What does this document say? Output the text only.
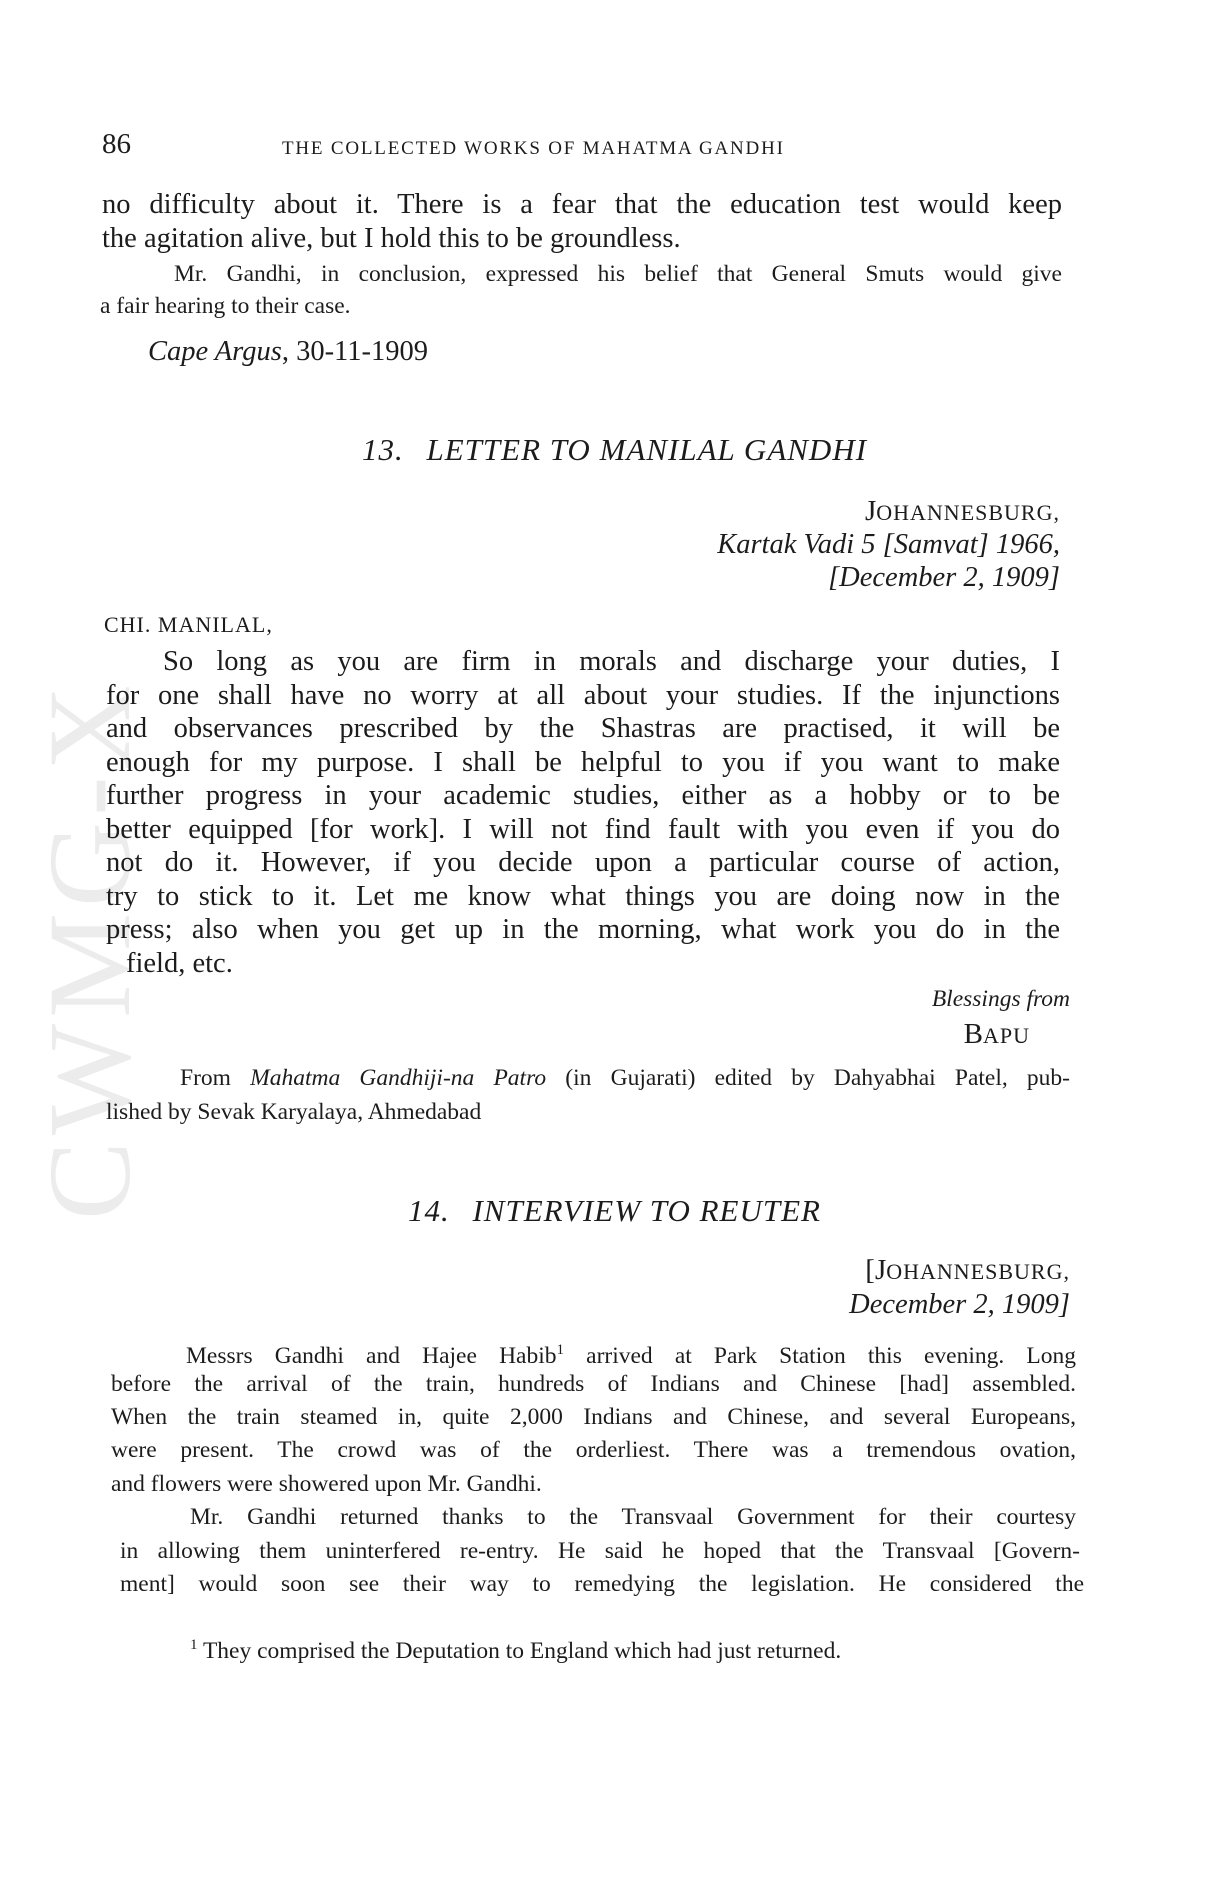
CWMG-X
86	THE COLLECTED WORKS OF MAHATMA GANDHI
no difficulty about it. There is a fear that the education test would keep
the agitation alive, but I hold this to be groundless.
Mr. Gandhi, in conclusion, expressed his belief that General Smuts would give
a fair hearing to their case.
Cape Argus, 30-11-1909
13. LETTER TO MANILAL GANDHI
JOHANNESBURG,
Kartak Vadi 5 [Samvat] 1966,
[December 2, 1909]
CHI. MANILAL,
So long as you are firm in morals and discharge your duties, I
for one shall have no worry at all about your studies. If the injunctions
and observances prescribed by the Shastras are practised, it will be
enough for my purpose. I shall be helpful to you if you want to make
further progress in your academic studies, either as a hobby or to be
better equipped [for work]. I will not find fault with you even if you do
not do it. However, if you decide upon a particular course of action,
try to stick to it. Let me know what things you are doing now in the
press; also when you get up in the morning, what work you do in the
field, etc.
Blessings from
BAPU
From Mahatma Gandhiji-na Patro (in Gujarati) edited by Dahyabhai Patel, pub-
lished by Sevak Karyalaya, Ahmedabad
14. INTERVIEW TO REUTER
[JOHANNESBURG,
December 2, 1909]
Messrs Gandhi and Hajee Habib$^1$ arrived at Park Station this evening. Long
before the arrival of the train, hundreds of Indians and Chinese [had] assembled.
When the train steamed in, quite 2,000 Indians and Chinese, and several Europeans,
were present. The crowd was of the orderliest. There was a tremendous ovation,
and flowers were showered upon Mr. Gandhi.
Mr. Gandhi returned thanks to the Transvaal Government for their courtesy
in allowing them uninterfered re-entry. He said he hoped that the Transvaal [Govern-
ment] would soon see their way to remedying the legislation. He considered the
$^1$ They comprised the Deputation to England which had just returned.
